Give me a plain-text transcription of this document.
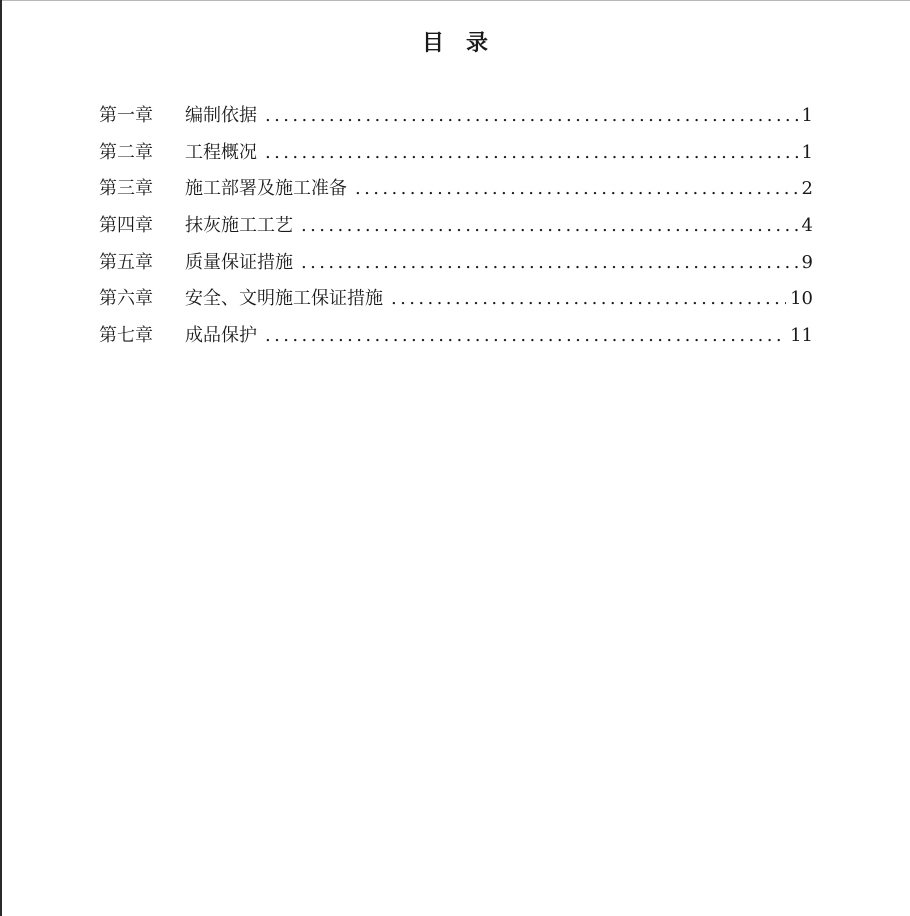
目 录
第一章	编制依据 .....	1
第二章	工程概况 .....	1
第三章	施工部署及施工准备 .....	2
第四章	抹灰施工工艺 .....	4
第五章	质量保证措施 .....	9
第六章	安全、文明施工保证措施 .....	10
第七章	成品保护 .....	11
